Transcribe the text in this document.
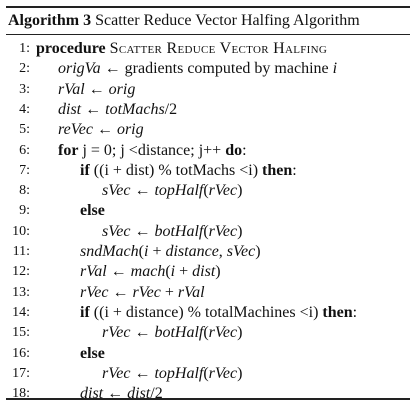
Algorithm 3 Scatter Reduce Vector Halfing Algorithm
1: procedure Scatter Reduce Vector Halfing
2: origVa ← gradients computed by machine i
3: rVal ← orig
4: dist ← totMachs/2
5: reVec ← orig
6: for j = 0; j <distance; j++ do:
7:	if ((i + dist) % totMachs <i) then:
8:	sVec ← topHalf(rVec)
9:	else
10:	sVec ← botHalf(rVec)
11:	sndMach(i + distance, sVec)
12:	rVal ← mach(i + dist)
13:	rVec ← rVec + rVal
14:	if ((i + distance) % totalMachines <i) then:
15:	rVec ← botHalf(rVec)
16:	else
17:	rVec ← topHalf(rVec)
18:	dist ← dist/2
